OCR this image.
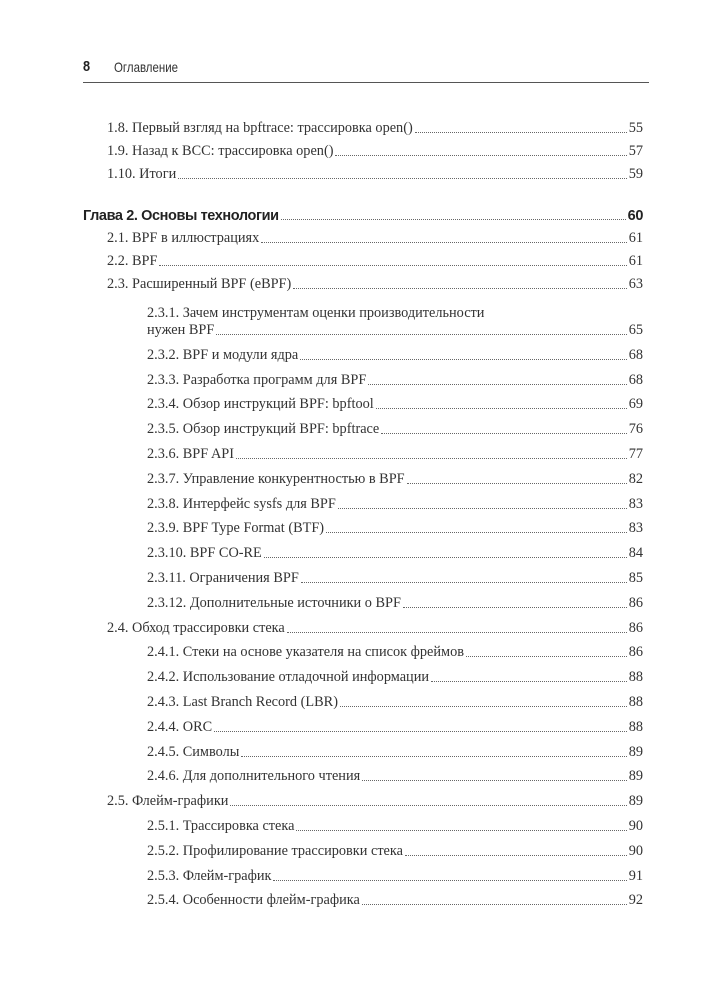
8 Оглавление
1.8. Первый взгляд на bpftrace: трассировка open()	55
1.9. Назад к BCC: трассировка open()	57
1.10. Итоги	59
Глава 2. Основы технологии	60
2.1. BPF в иллюстрациях	61
2.2. BPF	61
2.3. Расширенный BPF (eBPF)	63
2.3.1. Зачем инструментам оценки производительности
нужен BPF	65
2.3.2. BPF и модули ядра	68
2.3.3. Разработка программ для BPF	68
2.3.4. Обзор инструкций BPF: bpftool	69
2.3.5. Обзор инструкций BPF: bpftrace	76
2.3.6. BPF API	77
2.3.7. Управление конкурентностью в BPF	82
2.3.8. Интерфейс sysfs для BPF	83
2.3.9. BPF Type Format (BTF)	83
2.3.10. BPF CO-RE	84
2.3.11. Ограничения BPF	85
2.3.12. Дополнительные источники о BPF	86
2.4. Обход трассировки стека	86
2.4.1. Стеки на основе указателя на список фреймов	86
2.4.2. Использование отладочной информации	88
2.4.3. Last Branch Record (LBR)	88
2.4.4. ORC	88
2.4.5. Символы	89
2.4.6. Для дополнительного чтения	89
2.5. Флейм-графики	89
2.5.1. Трассировка стека	90
2.5.2. Профилирование трассировки стека	90
2.5.3. Флейм-график	91
2.5.4. Особенности флейм-графика	92
